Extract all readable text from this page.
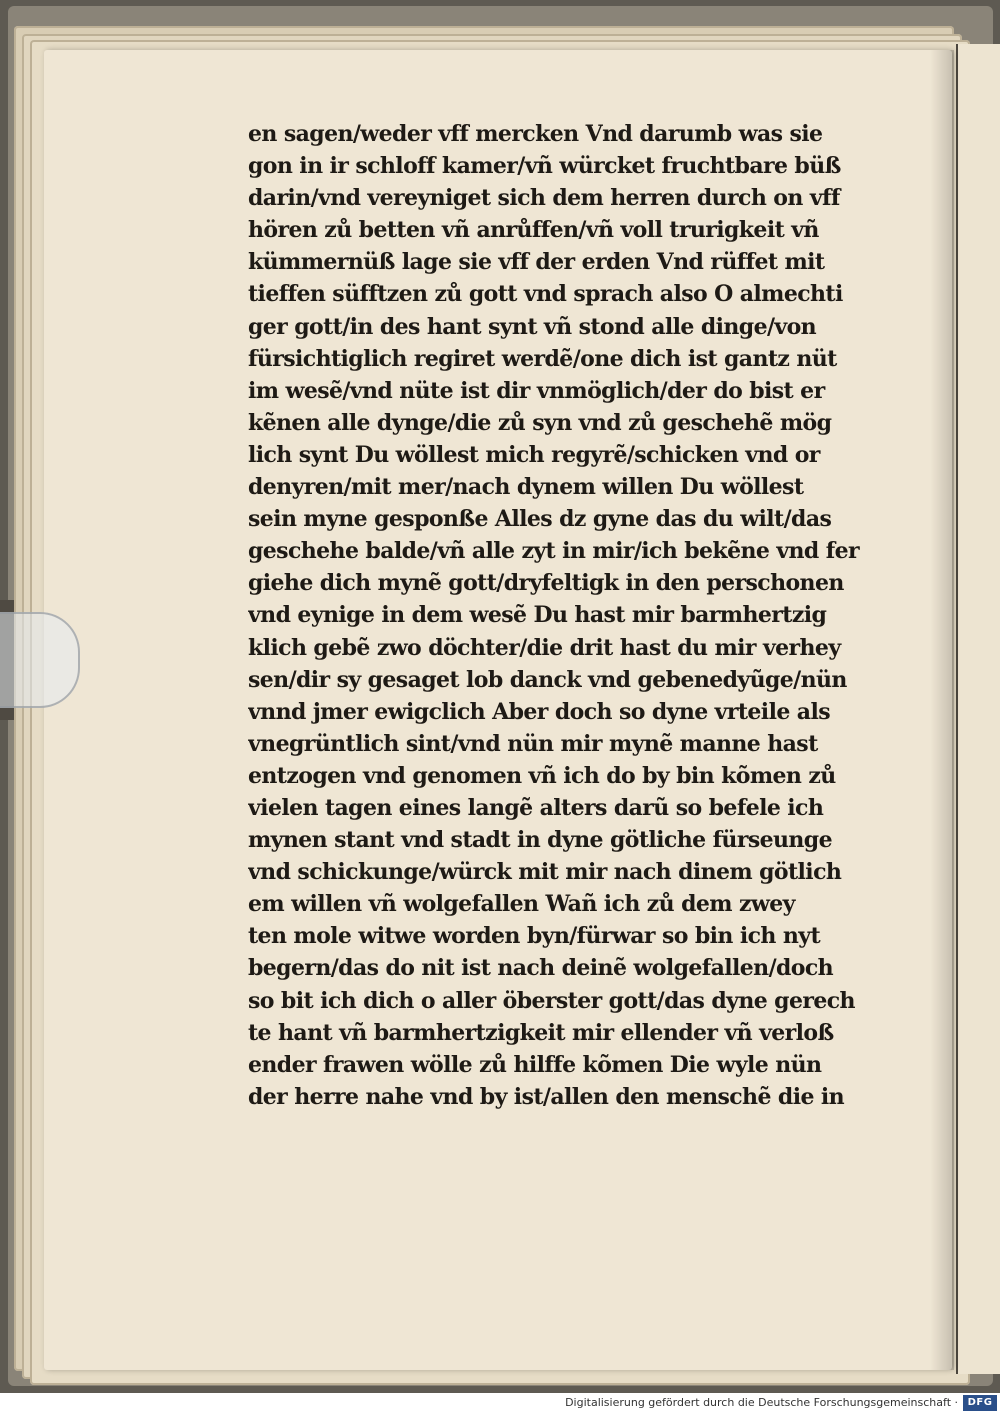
en sagen/weder vff mercken Vnd darumb was sie
gon in ir schloff kamer/vñ würcket fruchtbare büß
darin/vnd vereyniget sich dem herren durch on vff
hören zů betten vñ anrůffen/vñ voll trurigkeit vñ
kümmernüß lage sie vff der erden Vnd rüffet mit
tieffen süfftzen zů gott vnd sprach also O almechti
ger gott/in des hant synt vñ stond alle dinge/von
fürsichtiglich regiret werdẽ/one dich ist gantz nüt
im wesẽ/vnd nüte ist dir vnmöglich/der do bist er
kẽnen alle dynge/die zů syn vnd zů geschehẽ mög
lich synt Du wöllest mich regyrẽ/schicken vnd or
denyren/mit mer/nach dynem willen Du wöllest
sein myne gesponße Alles dz gyne das du wilt/das
geschehe balde/vñ alle zyt in mir/ich bekẽne vnd fer
giehe dich mynẽ gott/dryfeltigk in den perschonen
vnd eynige in dem wesẽ Du hast mir barmhertzig
klich gebẽ zwo döchter/die drit hast du mir verhey
sen/dir sy gesaget lob danck vnd gebenedyũge/nün
vnnd jmer ewigclich Aber doch so dyne vrteile als
vnegrüntlich sint/vnd nün mir mynẽ manne hast
entzogen vnd genomen vñ ich do by bin kõmen zů
vielen tagen eines langẽ alters darũ so befele ich
mynen stant vnd stadt in dyne götliche fürseunge
vnd schickunge/würck mit mir nach dinem götlich
em willen vñ wolgefallen Wañ ich zů dem zwey
ten mole witwe worden byn/fürwar so bin ich nyt
begern/das do nit ist nach deinẽ wolgefallen/doch
so bit ich dich o aller öberster gott/das dyne gerech
te hant vñ barmhertzigkeit mir ellender vñ verloß
ender frawen wölle zů hilffe kõmen Die wyle nün
der herre nahe vnd by ist/allen den menschẽ die in
Digitalisierung gefördert durch die Deutsche Forschungsgemeinschaft · DFG
